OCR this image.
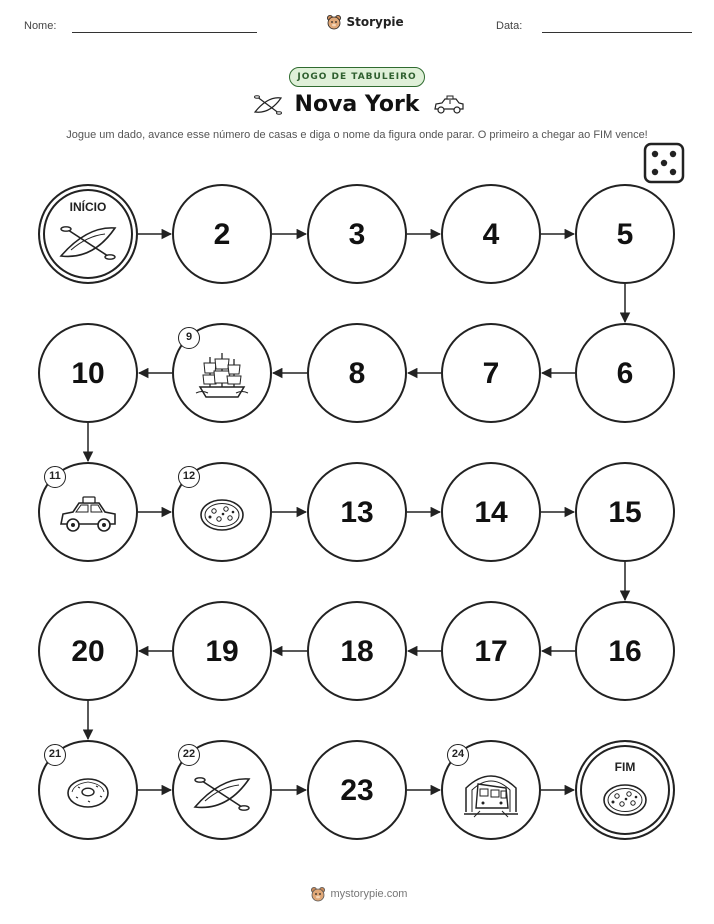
Nome:	Storypie	Data:
JOGO DE TABULEIRO
Nova York
Jogue um dado, avance esse número de casas e diga o nome da figura onde parar. O primeiro a chegar ao FIM vence!
INÍCIO
2	3	4	5
6
7
8
9
10
11	12
13	14	15
16
17
18
19
20
21	22
23
24
FIM
mystorypie.com
